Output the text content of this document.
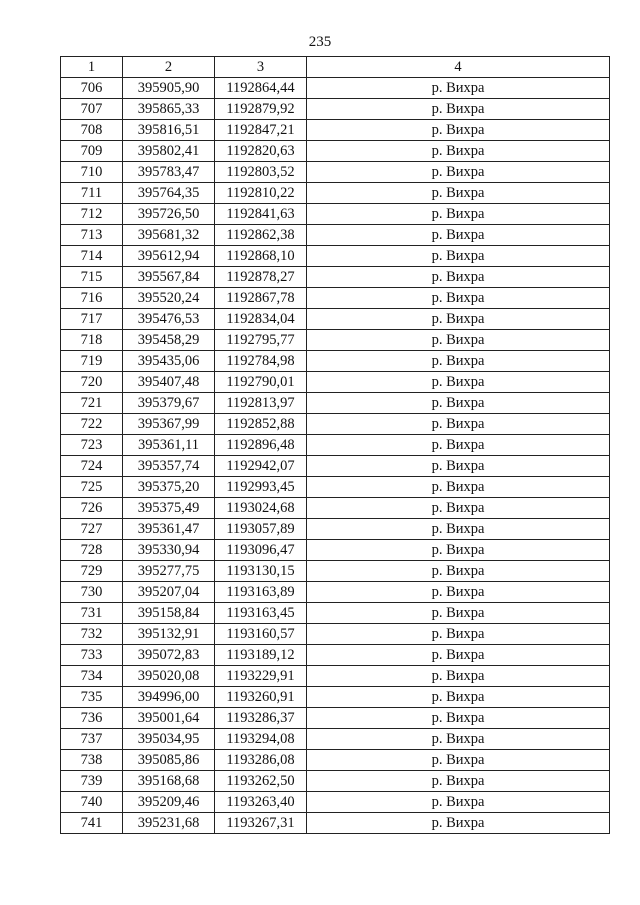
235
1	2	3	4
706	395905,90	1192864,44	р. Вихра
707	395865,33	1192879,92	р. Вихра
708	395816,51	1192847,21	р. Вихра
709	395802,41	1192820,63	р. Вихра
710	395783,47	1192803,52	р. Вихра
711	395764,35	1192810,22	р. Вихра
712	395726,50	1192841,63	р. Вихра
713	395681,32	1192862,38	р. Вихра
714	395612,94	1192868,10	р. Вихра
715	395567,84	1192878,27	р. Вихра
716	395520,24	1192867,78	р. Вихра
717	395476,53	1192834,04	р. Вихра
718	395458,29	1192795,77	р. Вихра
719	395435,06	1192784,98	р. Вихра
720	395407,48	1192790,01	р. Вихра
721	395379,67	1192813,97	р. Вихра
722	395367,99	1192852,88	р. Вихра
723	395361,11	1192896,48	р. Вихра
724	395357,74	1192942,07	р. Вихра
725	395375,20	1192993,45	р. Вихра
726	395375,49	1193024,68	р. Вихра
727	395361,47	1193057,89	р. Вихра
728	395330,94	1193096,47	р. Вихра
729	395277,75	1193130,15	р. Вихра
730	395207,04	1193163,89	р. Вихра
731	395158,84	1193163,45	р. Вихра
732	395132,91	1193160,57	р. Вихра
733	395072,83	1193189,12	р. Вихра
734	395020,08	1193229,91	р. Вихра
735	394996,00	1193260,91	р. Вихра
736	395001,64	1193286,37	р. Вихра
737	395034,95	1193294,08	р. Вихра
738	395085,86	1193286,08	р. Вихра
739	395168,68	1193262,50	р. Вихра
740	395209,46	1193263,40	р. Вихра
741	395231,68	1193267,31	р. Вихра
